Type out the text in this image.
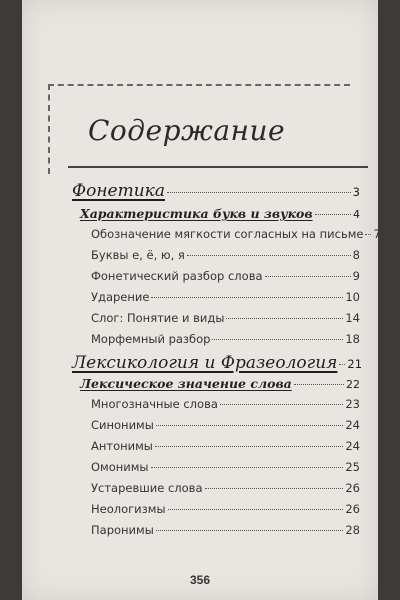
Содержание
Фонетика	3
Характеристика букв и звуков	4
Обозначение мягкости согласных на письме 7
Буквы е, ё, ю, я	8
Фонетический разбор слова	9
Ударение	10
Слог: Понятие и виды	14
Морфемный разбор	18
Лексикология и Фразеология 21
Лексическое значение слова	22
Многозначные слова	23
Синонимы	24
Антонимы	24
Омонимы	25
Устаревшие слова	26
Неологизмы	26
Паронимы	28
356
